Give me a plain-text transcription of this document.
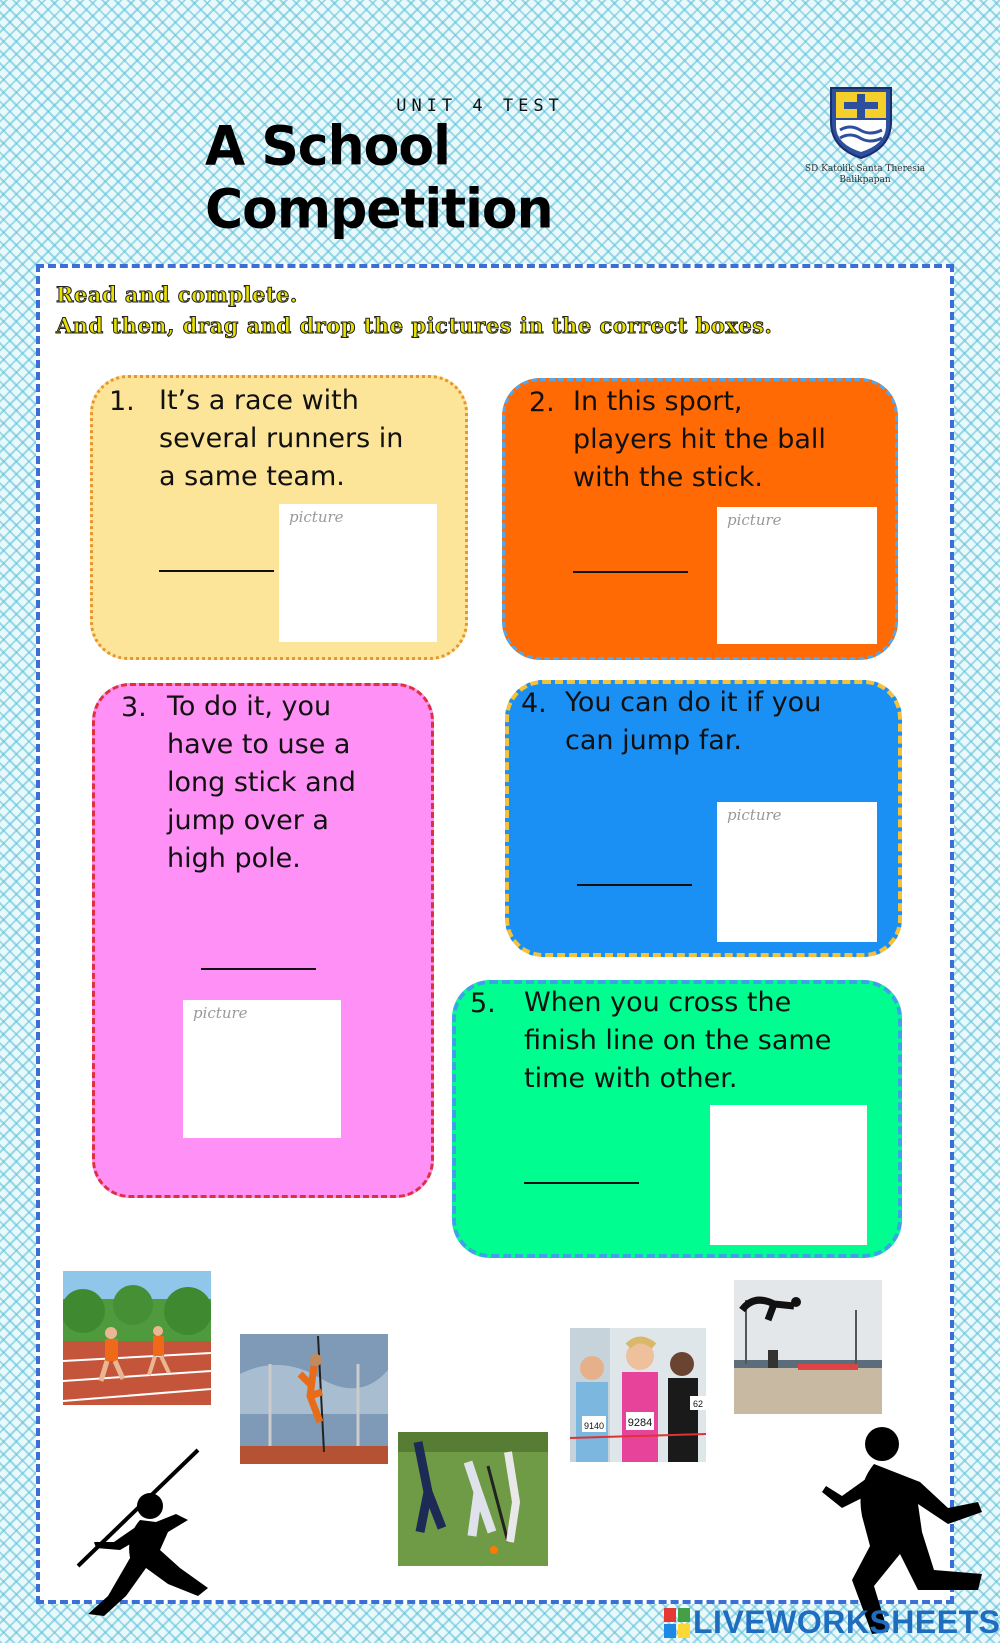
UNIT 4 TEST
A School Competition
SD Katolik Santa Theresia Balikpapan
Read and complete.
And then, drag and drop the pictures in the correct boxes.
1. It’s a race with
several runners in
a same team.
picture
2. In this sport,
players hit the ball
with the stick.
picture
3. To do it, you
have to use a
long stick and
jump over a
high pole.
picture
4. You can do it if you
can jump far.
picture
5. When you cross the
finish line on the same
time with other.
9284
9140
62
LIVEWORKSHEETS
